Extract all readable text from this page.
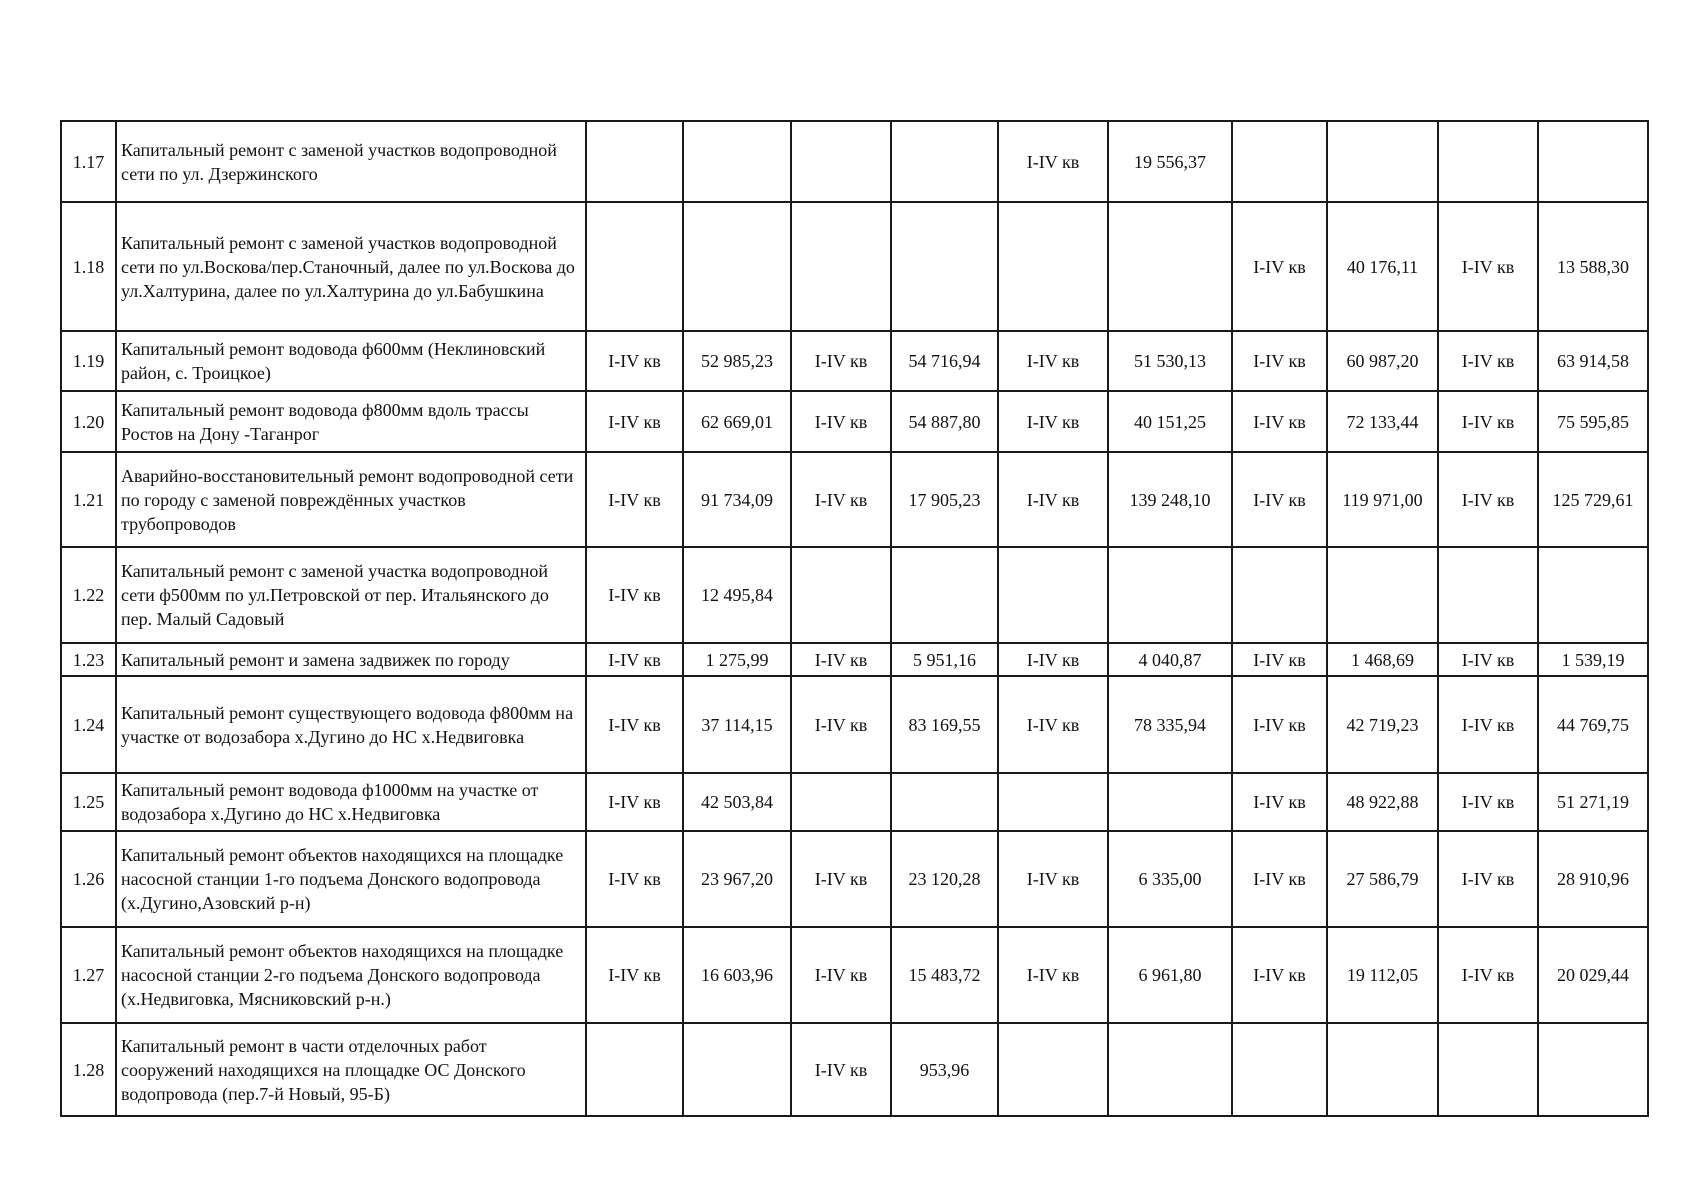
1.17	Капитальный ремонт с заменой участков водопроводной сети по ул. Дзержинского					I-IV кв	19 556,37				
1.18	Капитальный ремонт с заменой участков водопроводной сети по ул.Воскова/пер.Станочный, далее по ул.Воскова до ул.Халтурина, далее по ул.Халтурина до ул.Бабушкина							I-IV кв	40 176,11	I-IV кв	13 588,30
1.19	Капитальный ремонт водовода ф600мм (Неклиновский район, с. Троицкое)	I-IV кв	52 985,23	I-IV кв	54 716,94	I-IV кв	51 530,13	I-IV кв	60 987,20	I-IV кв	63 914,58
1.20	Капитальный ремонт водовода ф800мм вдоль трассы Ростов на Дону -Таганрог	I-IV кв	62 669,01	I-IV кв	54 887,80	I-IV кв	40 151,25	I-IV кв	72 133,44	I-IV кв	75 595,85
1.21	Аварийно-восстановительный ремонт водопроводной сети по городу с заменой повреждённых участков трубопроводов	I-IV кв	91 734,09	I-IV кв	17 905,23	I-IV кв	139 248,10	I-IV кв	119 971,00	I-IV кв	125 729,61
1.22	Капитальный ремонт с заменой участка водопроводной сети ф500мм по ул.Петровской от пер. Итальянского до пер. Малый Садовый	I-IV кв	12 495,84								
1.23	Капитальный ремонт и замена задвижек по городу	I-IV кв	1 275,99	I-IV кв	5 951,16	I-IV кв	4 040,87	I-IV кв	1 468,69	I-IV кв	1 539,19
1.24	Капитальный ремонт существующего водовода ф800мм на участке от водозабора х.Дугино до НС х.Недвиговка	I-IV кв	37 114,15	I-IV кв	83 169,55	I-IV кв	78 335,94	I-IV кв	42 719,23	I-IV кв	44 769,75
1.25	Капитальный ремонт водовода ф1000мм на участке от водозабора х.Дугино до НС х.Недвиговка	I-IV кв	42 503,84					I-IV кв	48 922,88	I-IV кв	51 271,19
1.26	Капитальный ремонт объектов находящихся на площадке насосной станции 1-го подъема Донского водопровода (х.Дугино,Азовский р-н)	I-IV кв	23 967,20	I-IV кв	23 120,28	I-IV кв	6 335,00	I-IV кв	27 586,79	I-IV кв	28 910,96
1.27	Капитальный ремонт объектов находящихся на площадке насосной станции 2-го подъема Донского водопровода (х.Недвиговка, Мясниковский р-н.)	I-IV кв	16 603,96	I-IV кв	15 483,72	I-IV кв	6 961,80	I-IV кв	19 112,05	I-IV кв	20 029,44
1.28	Капитальный ремонт в части отделочных работ сооружений находящихся на площадке ОС Донского водопровода (пер.7-й Новый, 95-Б)			I-IV кв	953,96						
